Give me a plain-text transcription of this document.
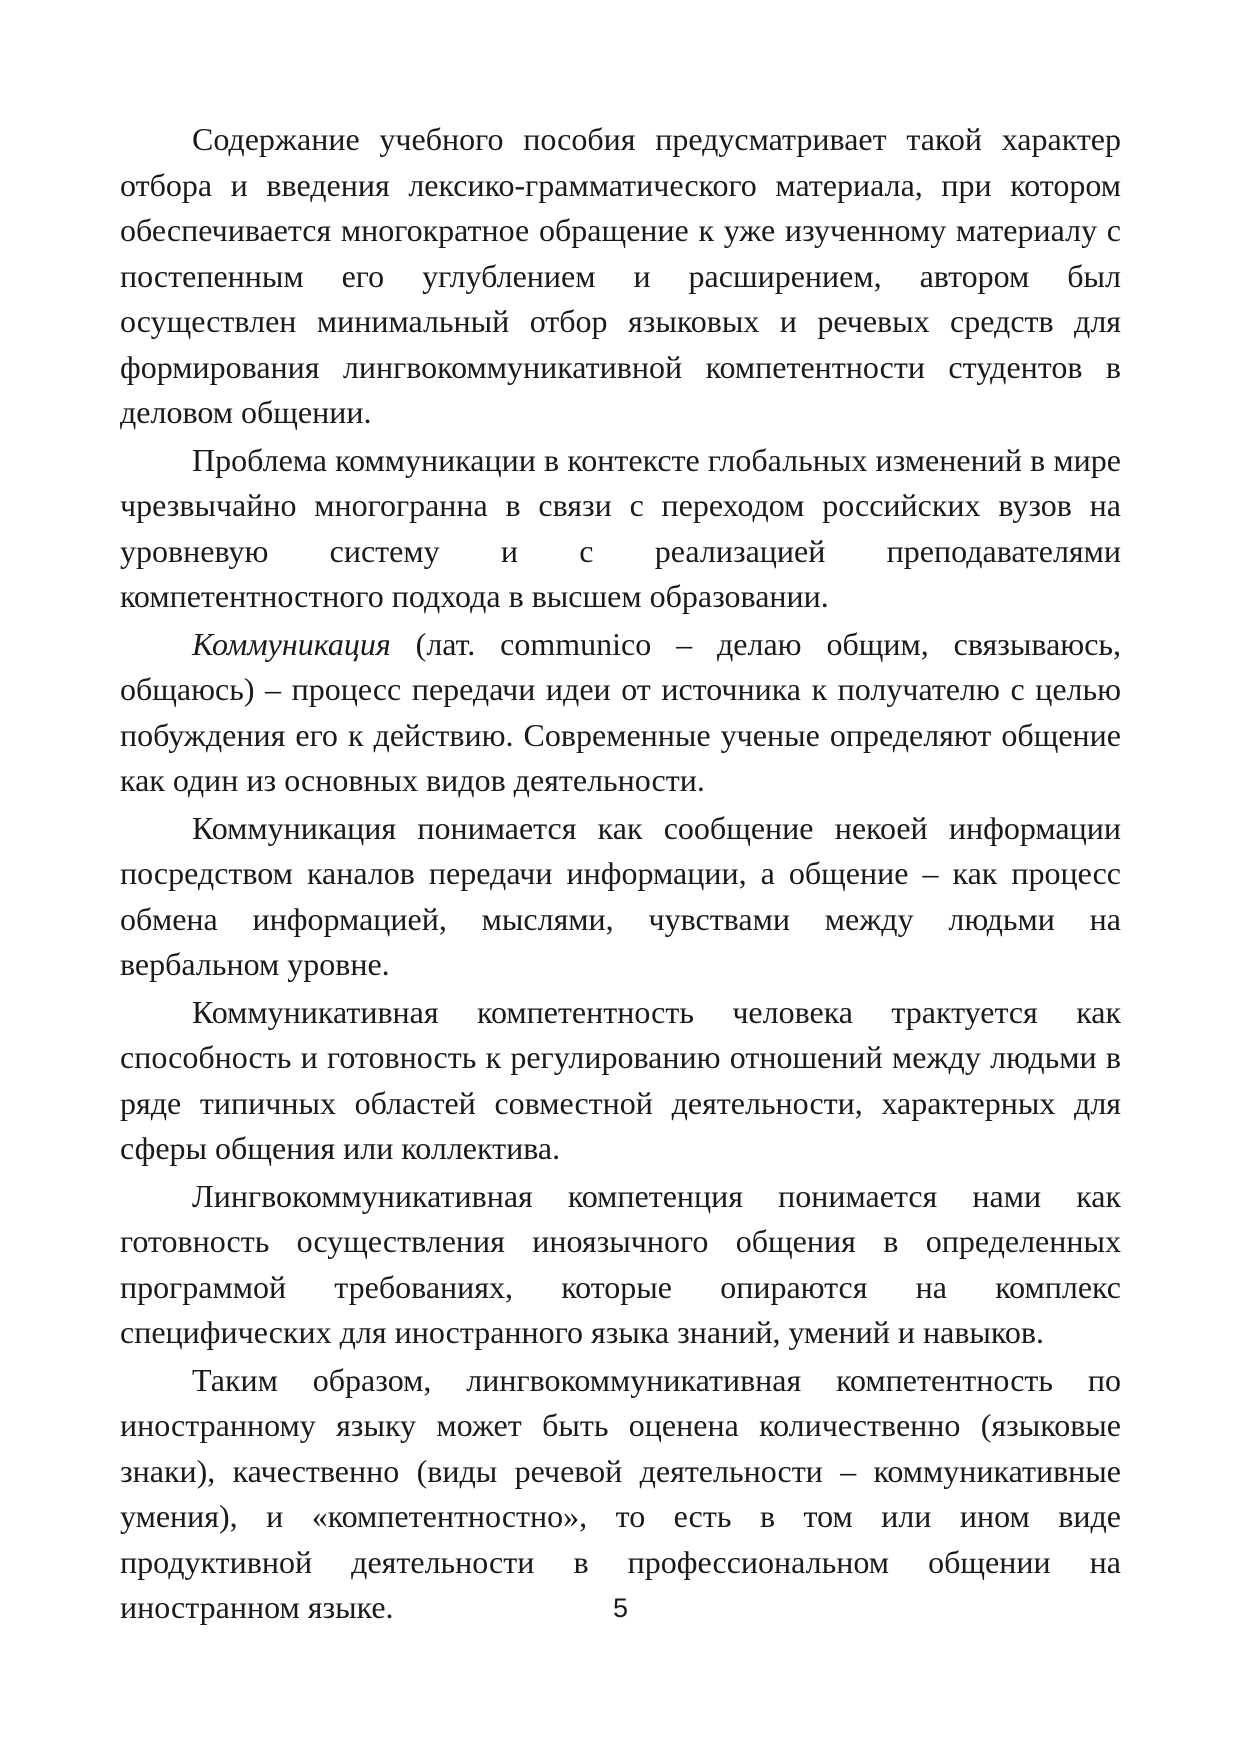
Содержание учебного пособия предусматривает такой характер отбора и введения лексико-грамматического материала, при котором обеспечивается многократное обращение к уже изученному материалу с постепенным его углублением и расширением, автором был осуществлен минимальный отбор языковых и речевых средств для формирования лингвокоммуникативной компетентности студентов в деловом общении.

Проблема коммуникации в контексте глобальных изменений в мире чрезвычайно многогранна в связи с переходом российских вузов на уровневую систему и с реализацией преподавателями компетентностного подхода в высшем образовании.

Коммуникация (лат. communico – делаю общим, связываюсь, общаюсь) – процесс передачи идеи от источника к получателю с целью побуждения его к действию. Современные ученые определяют общение как один из основных видов деятельности.

Коммуникация понимается как сообщение некоей информации посредством каналов передачи информации, а общение – как процесс обмена информацией, мыслями, чувствами между людьми на вербальном уровне.

Коммуникативная компетентность человека трактуется как способность и готовность к регулированию отношений между людьми в ряде типичных областей совместной деятельности, характерных для сферы общения или коллектива.

Лингвокоммуникативная компетенция понимается нами как готовность осуществления иноязычного общения в определенных программой требованиях, которые опираются на комплекс специфических для иностранного языка знаний, умений и навыков.

Таким образом, лингвокоммуникативная компетентность по иностранному языку может быть оценена количественно (языковые знаки), качественно (виды речевой деятельности – коммуникативные умения), и «компетентностно», то есть в том или ином виде продуктивной деятельности в профессиональном общении на иностранном языке.	5
